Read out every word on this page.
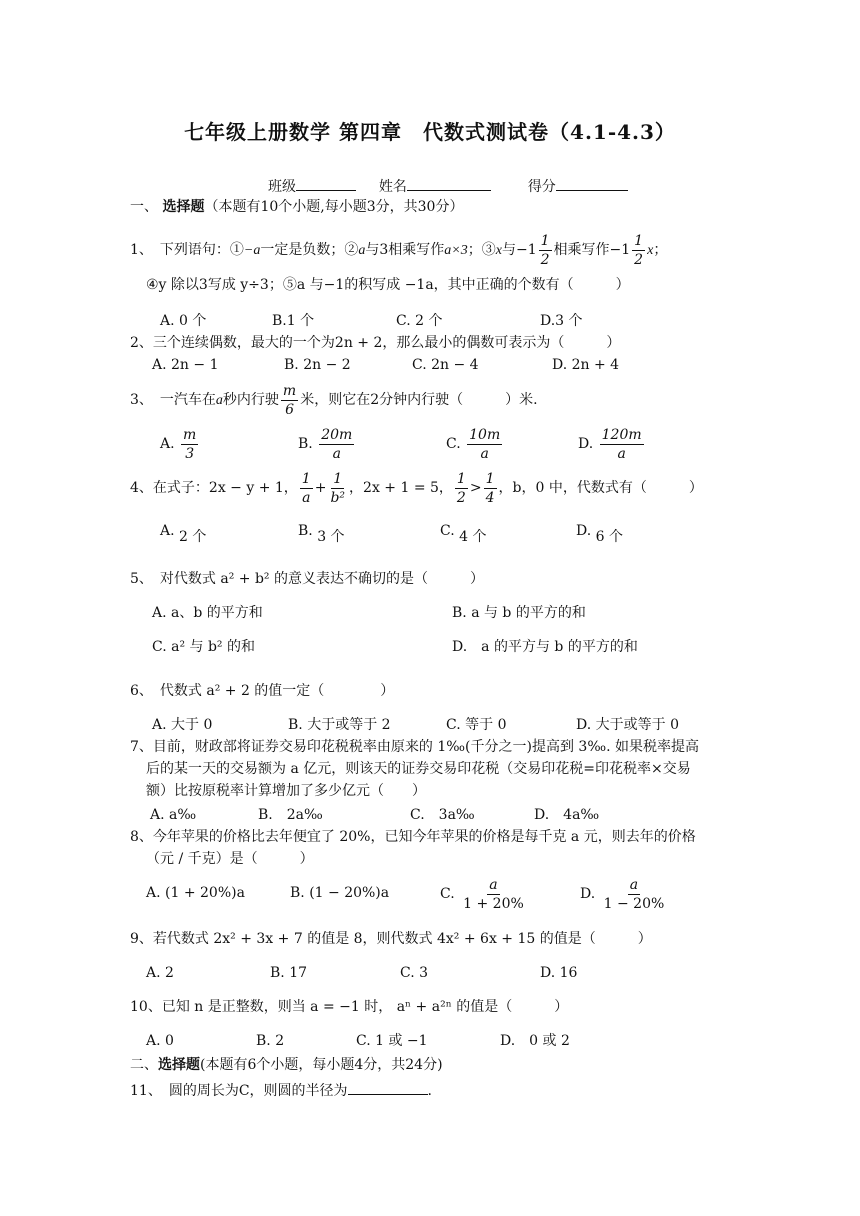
七年级上册数学 第四章　代数式测试卷（4.1-4.3）
班级	姓名	得分
一、 选择题（本题有10个小题,每小题3分，共30分）
1、　下列语句：①−a一定是负数；②a与3相乘写作a×3；③x与 $-1 \frac{1}{2}$ 相乘写作 $-1 \frac{1}{2}$ x；
④y 除以3写成 y÷3；⑤a 与−1的积写成 −1a，其中正确的个数有（　　　）
A. 0 个	B.1 个	C. 2 个	D.3 个
2、三个连续偶数，最大的一个为2n + 2，那么最小的偶数可表示为（　　　）
A. 2n − 1	B. 2n − 2	C. 2n − 4	D. 2n + 4
3、　一汽车在a秒内行驶 $\frac{m}{6}$ 米，则它在2分钟内行驶（　　　）米.
A. $\frac{m}{3}$	B. $\frac{20m}{a}$	C. $\frac{10m}{a}$	D. $\frac{120m}{a}$
4、在式子：2x − y + 1， $\frac{1}{a} + \frac{1}{\text{b²}}$ ，2x + 1 = 5， $\frac{1}{2} > \frac{1}{4}$ ，b，0 中，代数式有（　　　）
A. 2 个	B. 3 个	C. 4 个	D. 6 个
5、　对代数式 a² + b² 的意义表达不确切的是（　　　）
A. a、b 的平方和	B. a 与 b 的平方的和
C. a² 与 b² 的和	D.　a 的平方与 b 的平方的和
6、　代数式 a² + 2 的值一定（　　　　）
A. 大于 0	B. 大于或等于 2	C. 等于 0	D. 大于或等于 0
7、目前，财政部将证券交易印花税税率由原来的 1‰(千分之一)提高到 3‰. 如果税率提高
后的某一天的交易额为 a 亿元，则该天的证券交易印花税（交易印花税=印花税率×交易
额）比按原税率计算增加了多少亿元（　　）
A. a‰	B.　2a‰	C.　3a‰	D.　4a‰
8、今年苹果的价格比去年便宜了 20%，已知今年苹果的价格是每千克 a 元，则去年的价格
（元 / 千克）是（　　　）
A. (1 + 20%)a	B. (1 − 20%)a	C. $\frac{a}{1 + 20\%}$	D. $\frac{a}{1 - 20\%}$
9、若代数式 2x² + 3x + 7 的值是 8，则代数式 4x² + 6x + 15 的值是（　　　）
A. 2	B. 17	C. 3	D. 16
10、已知 n 是正整数，则当 a = −1 时， aⁿ + a²ⁿ 的值是（　　　）
A. 0	B. 2	C. 1 或 −1	D.　0 或 2
二、选择题(本题有6个小题，每小题4分，共24分)
11、　圆的周长为C，则圆的半径为	.
